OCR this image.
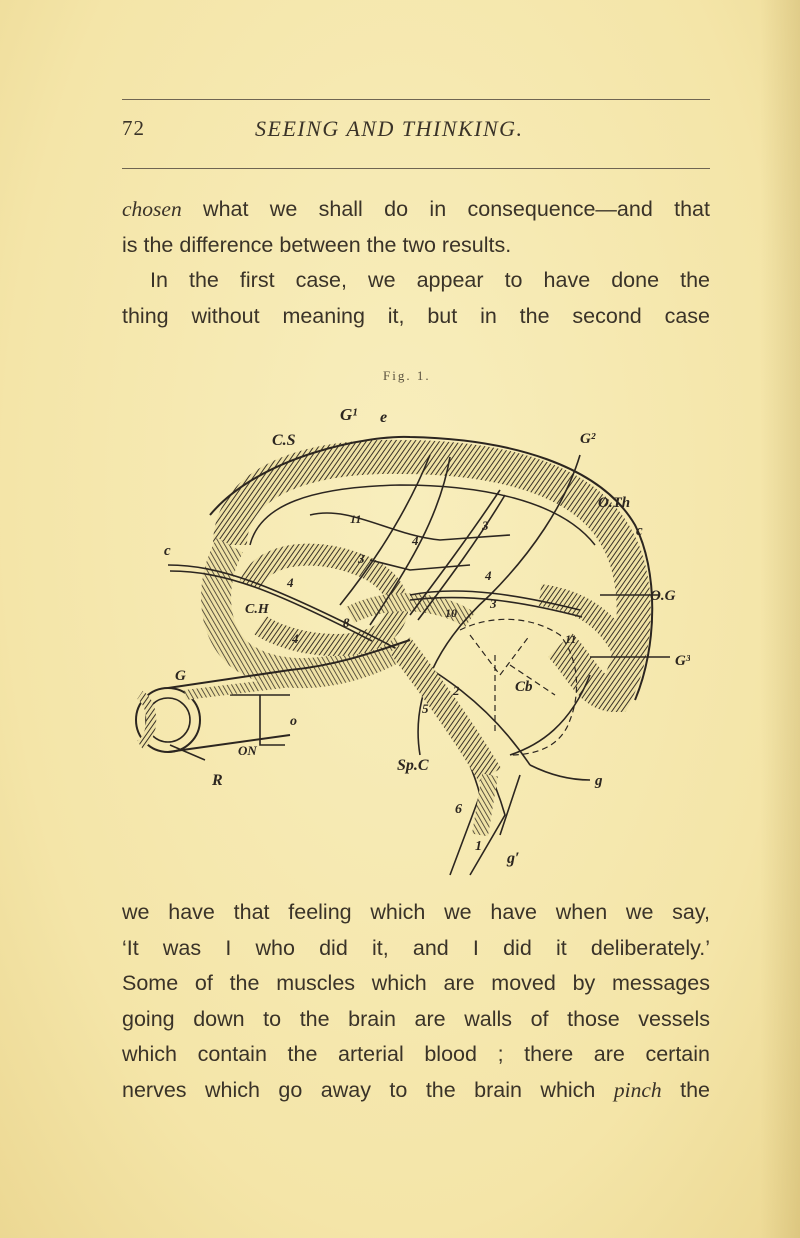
72	SEEING AND THINKING.

chosen what we shall do in consequence—and that
is the difference between the two results.
In the first case, we appear to have done the
thing without meaning it, but in the second case

Fig. 1.
G¹ e
C.S	G²
O.Th
c
c
C.H
O.G
Cb
G³
G
o
ON
R
Sp.C
g
g′
1
6
3
4
3
4
3
4
10
11
2
5
8
4
11

we have that feeling which we have when we say,
‘It was I who did it, and I did it deliberately.’
Some of the muscles which are moved by messages
going down to the brain are walls of those vessels
which contain the arterial blood ; there are certain
nerves which go away to the brain which pinch the
